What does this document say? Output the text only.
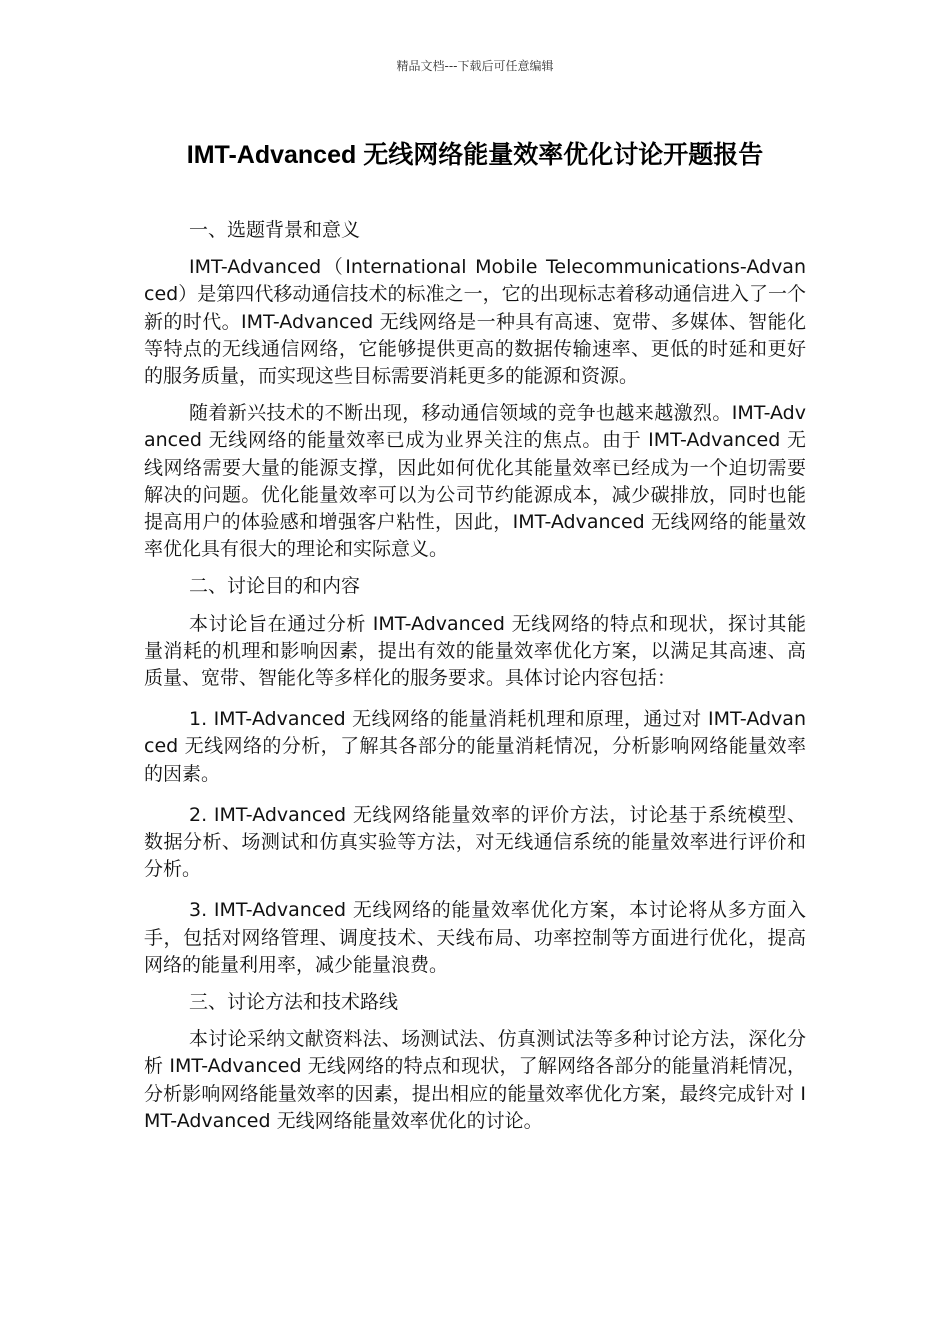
精品文档---下载后可任意编辑
IMT-Advanced 无线网络能量效率优化讨论开题报告

一、选题背景和意义

IMT-Advanced（International Mobile Telecommunications-Advanced）是第四代移动通信技术的标准之一，它的出现标志着移动通信进入了一个新的时代。IMT-Advanced 无线网络是一种具有高速、宽带、多媒体、智能化等特点的无线通信网络，它能够提供更高的数据传输速率、更低的时延和更好的服务质量，而实现这些目标需要消耗更多的能源和资源。

随着新兴技术的不断出现，移动通信领域的竞争也越来越激烈。IMT-Advanced 无线网络的能量效率已成为业界关注的焦点。由于 IMT-Advanced 无线网络需要大量的能源支撑，因此如何优化其能量效率已经成为一个迫切需要解决的问题。优化能量效率可以为公司节约能源成本，减少碳排放，同时也能提高用户的体验感和增强客户粘性，因此，IMT-Advanced 无线网络的能量效率优化具有很大的理论和实际意义。

二、讨论目的和内容

本讨论旨在通过分析 IMT-Advanced 无线网络的特点和现状，探讨其能量消耗的机理和影响因素，提出有效的能量效率优化方案，以满足其高速、高质量、宽带、智能化等多样化的服务要求。具体讨论内容包括：

1. IMT-Advanced 无线网络的能量消耗机理和原理，通过对 IMT-Advanced 无线网络的分析，了解其各部分的能量消耗情况，分析影响网络能量效率的因素。

2. IMT-Advanced 无线网络能量效率的评价方法，讨论基于系统模型、数据分析、场测试和仿真实验等方法，对无线通信系统的能量效率进行评价和分析。

3. IMT-Advanced 无线网络的能量效率优化方案，本讨论将从多方面入手，包括对网络管理、调度技术、天线布局、功率控制等方面进行优化，提高网络的能量利用率，减少能量浪费。

三、讨论方法和技术路线

本讨论采纳文献资料法、场测试法、仿真测试法等多种讨论方法，深化分析 IMT-Advanced 无线网络的特点和现状，了解网络各部分的能量消耗情况，分析影响网络能量效率的因素，提出相应的能量效率优化方案，最终完成针对 IMT-Advanced 无线网络能量效率优化的讨论。
